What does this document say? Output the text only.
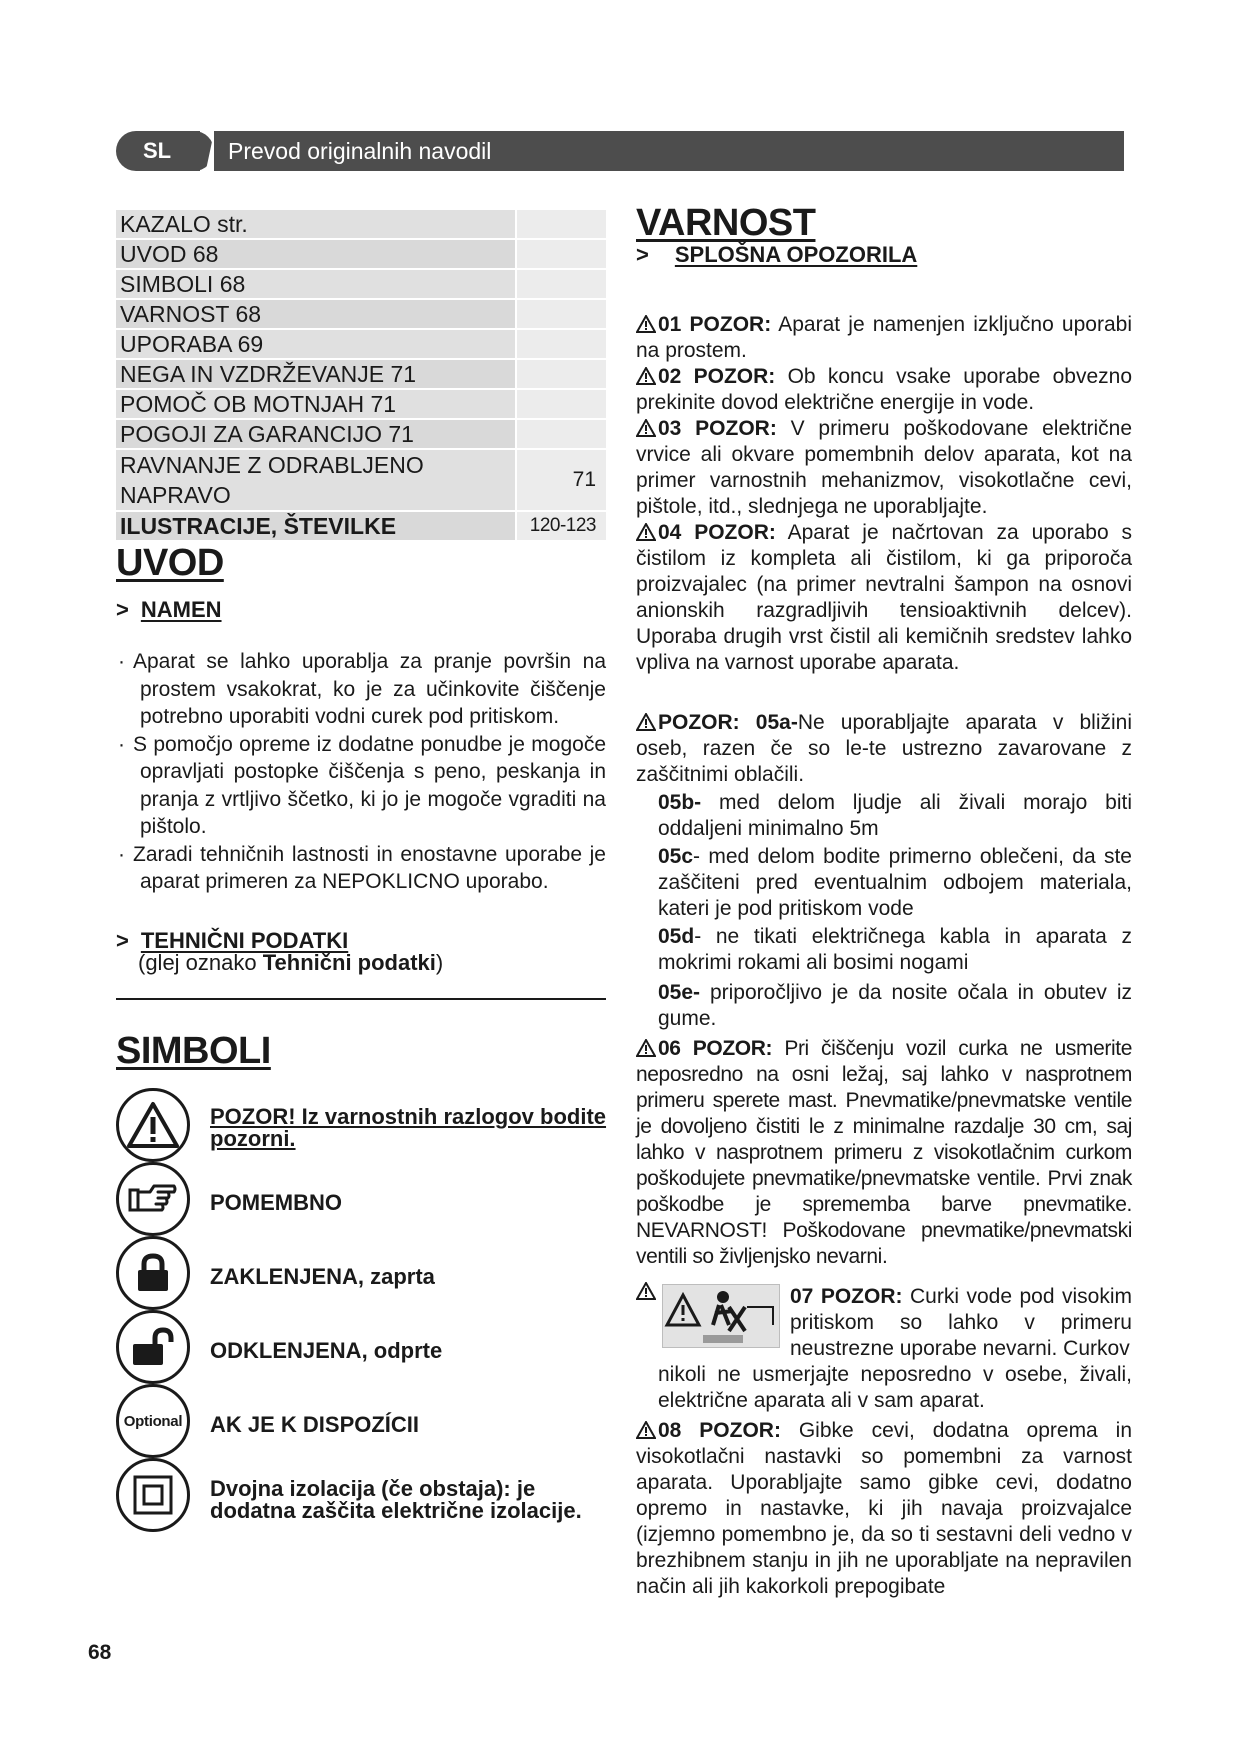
SL	Prevod originalnih navodil
KAZALO str.
UVOD 68
SIMBOLI 68
VARNOST 68
UPORABA 69
NEGA IN VZDRŽEVANJE 71
POMOČ OB MOTNJAH 71
POGOJI ZA GARANCIJO 71
RAVNANJE Z ODRABLJENO NAPRAVO
71
ILUSTRACIJE, ŠTEVILKE	120-123
UVOD
> NAMEN
· Aparat se lahko uporablja za pranje površin na prostem vsakokrat, ko je za učinkovite čiščenje potrebno uporabiti vodni curek pod pritiskom.
· S pomočjo opreme iz dodatne ponudbe je mogoče opravljati postopke čiščenja s peno, peskanja in pranja z vrtljivo ščetko, ki jo je mogoče vgraditi na pištolo.
· Zaradi tehničnih lastnosti in enostavne uporabe je aparat primeren za NEPOKLICNO uporabo.
> TEHNIČNI PODATKI
(glej oznako Tehnični podatki)
SIMBOLI
POZOR! Iz varnostnih razlogov bodite pozorni.
POMEMBNO
ZAKLENJENA, zaprta
ODKLENJENA, odprte
Optional AK JE K DISPOZÍCII
Dvojna izolacija (če obstaja): je dodatna zaščita električne izolacije.
VARNOST
> SPLOŠNA OPOZORILA
01 POZOR: Aparat je namenjen izključno uporabi na prostem.
02 POZOR: Ob koncu vsake uporabe obvezno prekinite dovod električne energije in vode.
03 POZOR: V primeru poškodovane električne vrvice ali okvare pomembnih delov aparata, kot na primer varnostnih mehanizmov, visokotlačne cevi, pištole, itd., slednjega ne uporabljajte.
04 POZOR: Aparat je načrtovan za uporabo s čistilom iz kompleta ali čistilom, ki ga priporoča proizvajalec (na primer nevtralni šampon na osnovi anionskih razgradljivih tensioaktivnih delcev). Uporaba drugih vrst čistil ali kemičnih sredstev lahko vpliva na varnost uporabe aparata.
POZOR: 05a-Ne uporabljajte aparata v bližini oseb, razen če so le-te ustrezno zavarovane z zaščitnimi oblačili.
05b- med delom ljudje ali živali morajo biti oddaljeni minimalno 5m
05c- med delom bodite primerno oblečeni, da ste zaščiteni pred eventualnim odbojem materiala, kateri je pod pritiskom vode
05d- ne tikati električnega kabla in aparata z mokrimi rokami ali bosimi nogami
05e- priporočljivo je da nosite očala in obutev iz gume.
06 POZOR: Pri čiščenju vozil curka ne usmerite neposredno na osni ležaj, saj lahko v nasprotnem primeru sperete mast. Pnevmatike/pnevmatske ventile je dovoljeno čistiti le z minimalne razdalje 30 cm, saj lahko v nasprotnem primeru z visokotlačnim curkom poškodujete pnevmatike/pnevmatske ventile. Prvi znak poškodbe je sprememba barve pnevmatike. NEVARNOST! Poškodovane pnevmatike/pnevmatski ventili so življenjsko nevarni.
07 POZOR: Curki vode pod visokim pritiskom so lahko v primeru neustrezne uporabe nevarni. Curkov
nikoli ne usmerjajte neposredno v osebe, živali, električne aparata ali v sam aparat.
08 POZOR: Gibke cevi, dodatna oprema in visokotlačni nastavki so pomembni za varnost aparata. Uporabljajte samo gibke cevi, dodatno opremo in nastavke, ki jih navaja proizvajalce (izjemno pomembno je, da so ti sestavni deli vedno v brezhibnem stanju in jih ne uporabljate na nepravilen način ali jih kakorkoli prepogibate
68
